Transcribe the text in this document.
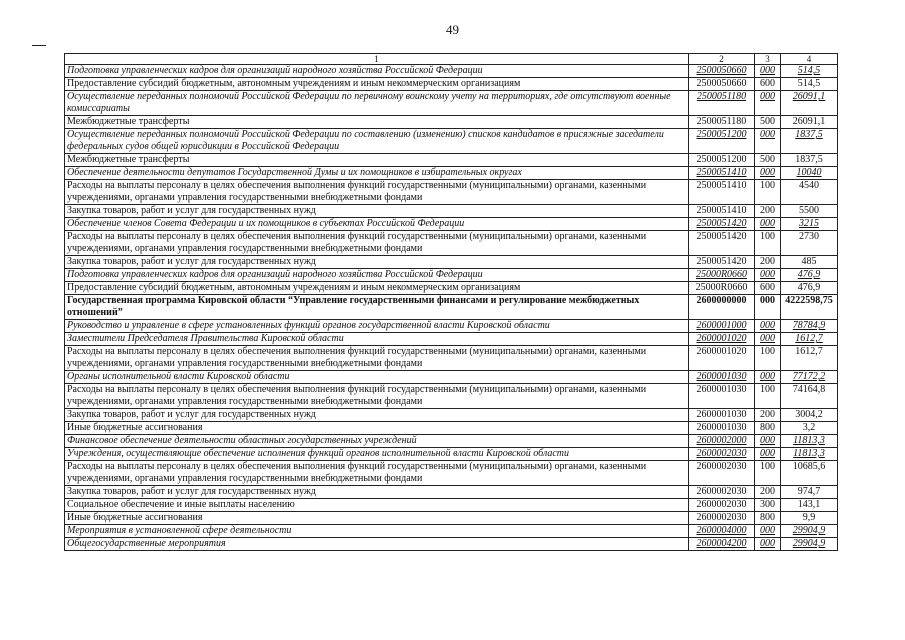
49
1	2	3	4
Подготовка управленческих кадров для организаций народного хозяйства Российской Федерации	2500050660	000	514,5
Предоставление субсидий бюджетным, автономным учреждениям и иным некоммерческим организациям	2500050660	600	514,5
Осуществление переданных полномочий Российской Федерации по первичному воинскому учету на территориях, где отсутствуют военные комиссариаты	2500051180	000	26091,1
Межбюджетные трансферты	2500051180	500	26091,1
Осуществление переданных полномочий Российской Федерации по составлению (изменению) списков кандидатов в присяжные заседатели федеральных судов общей юрисдикции в Российской Федерации	2500051200	000	1837,5
Межбюджетные трансферты	2500051200	500	1837,5
Обеспечение деятельности депутатов Государственной Думы и их помощников в избирательных округах	2500051410	000	10040
Расходы на выплаты персоналу в целях обеспечения выполнения функций государственными (муниципальными) органами, казенными учреждениями, органами управления государственными внебюджетными фондами	2500051410	100	4540
Закупка товаров, работ и услуг для государственных нужд	2500051410	200	5500
Обеспечение членов Совета Федерации и их помощников в субъектах Российской Федерации	2500051420	000	3215
Расходы на выплаты персоналу в целях обеспечения выполнения функций государственными (муниципальными) органами, казенными учреждениями, органами управления государственными внебюджетными фондами	2500051420	100	2730
Закупка товаров, работ и услуг для государственных нужд	2500051420	200	485
Подготовка управленческих кадров для организаций народного хозяйства Российской Федерации	25000R0660	000	476,9
Предоставление субсидий бюджетным, автономным учреждениям и иным некоммерческим организациям	25000R0660	600	476,9
Государственная программа Кировской области “Управление государственными финансами и регулирование межбюджетных отношений”	2600000000	000	4222598,75
Руководство и управление в сфере установленных функций органов государственной власти Кировской области	2600001000	000	78784,9
Заместители Председателя Правительства Кировской области	2600001020	000	1612,7
Расходы на выплаты персоналу в целях обеспечения выполнения функций государственными (муниципальными) органами, казенными учреждениями, органами управления государственными внебюджетными фондами	2600001020	100	1612,7
Органы исполнительной власти Кировской области	2600001030	000	77172,2
Расходы на выплаты персоналу в целях обеспечения выполнения функций государственными (муниципальными) органами, казенными учреждениями, органами управления государственными внебюджетными фондами	2600001030	100	74164,8
Закупка товаров, работ и услуг для государственных нужд	2600001030	200	3004,2
Иные бюджетные ассигнования	2600001030	800	3,2
Финансовое обеспечение деятельности областных государственных учреждений	2600002000	000	11813,3
Учреждения, осуществляющие обеспечение исполнения функций органов исполнительной власти Кировской области	2600002030	000	11813,3
Расходы на выплаты персоналу в целях обеспечения выполнения функций государственными (муниципальными) органами, казенными учреждениями, органами управления государственными внебюджетными фондами	2600002030	100	10685,6
Закупка товаров, работ и услуг для государственных нужд	2600002030	200	974,7
Социальное обеспечение и иные выплаты населению	2600002030	300	143,1
Иные бюджетные ассигнования	2600002030	800	9,9
Мероприятия в установленной сфере деятельности	2600004000	000	29904,9
Общегосударственные мероприятия	2600004200	000	29904,9
